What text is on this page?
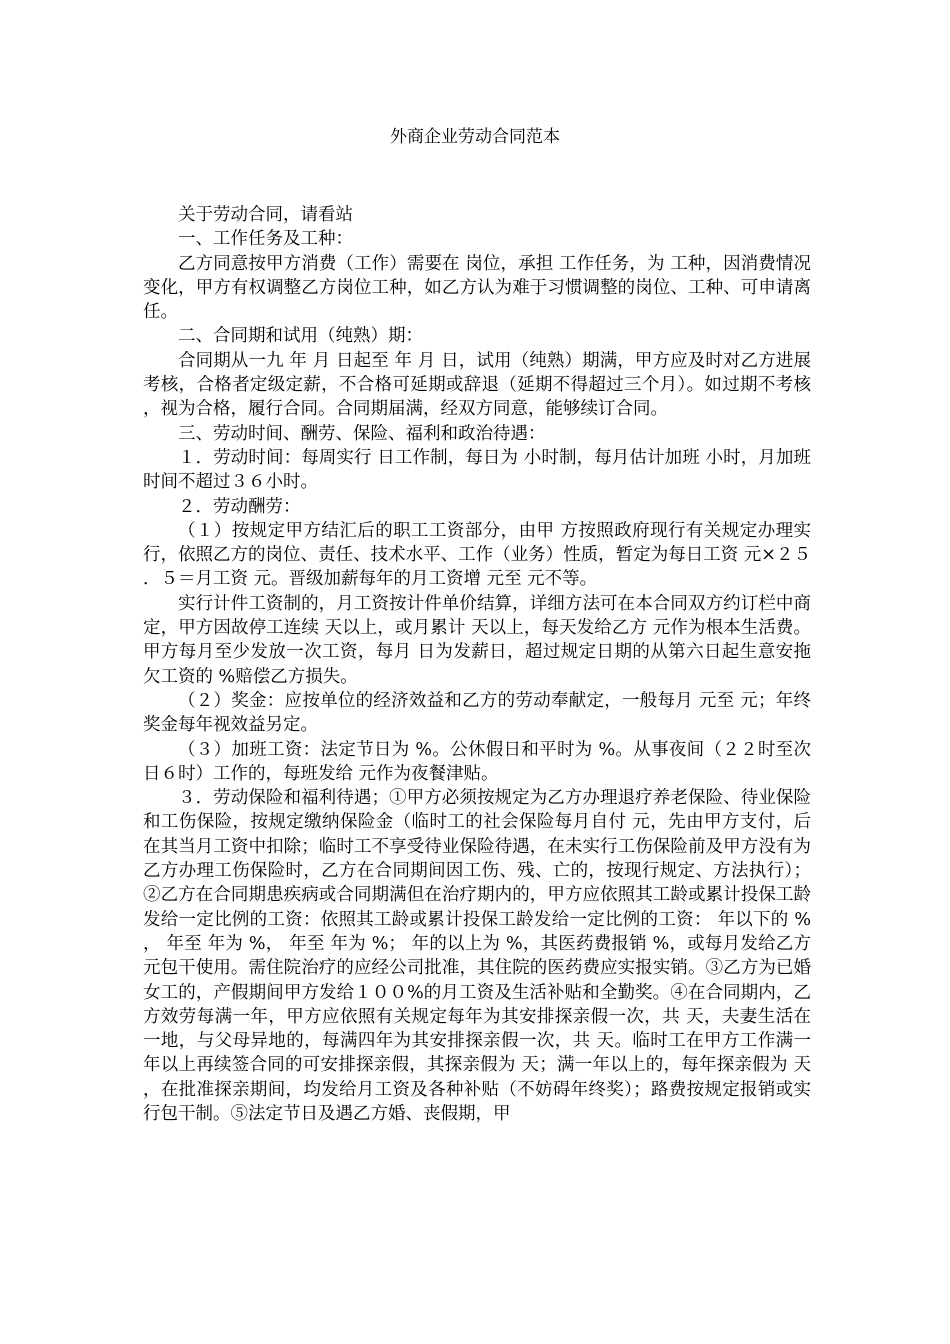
外商企业劳动合同范本

关于劳动合同，请看站

一、工作任务及工种：

乙方同意按甲方消费（工作）需要在 岗位，承担 工作任务，为 工种，因消费情况变化，甲方有权调整乙方岗位工种，如乙方认为难于习惯调整的岗位、工种、可申请离任。

二、合同期和试用（纯熟）期：

合同期从一九 年 月 日起至 年 月 日，试用（纯熟）期满，甲方应及时对乙方进展考核，合格者定级定薪，不合格可延期或辞退（延期不得超过三个月）。如过期不考核，视为合格，履行合同。合同期届满，经双方同意，能够续订合同。

三、劳动时间、酬劳、保险、福利和政治待遇：

１．劳动时间：每周实行 日工作制，每日为 小时制，每月估计加班 小时，月加班时间不超过３６小时。

２．劳动酬劳：

（１）按规定甲方结汇后的职工工资部分，由甲 方按照政府现行有关规定办理实行，依照乙方的岗位、责任、技术水平、工作（业务）性质，暂定为每日工资 元×２５．５＝月工资 元。晋级加薪每年的月工资增 元至 元不等。

实行计件工资制的，月工资按计件单价结算，详细方法可在本合同双方约订栏中商定，甲方因故停工连续 天以上，或月累计 天以上，每天发给乙方 元作为根本生活费。甲方每月至少发放一次工资，每月 日为发薪日，超过规定日期的从第六日起生意安拖欠工资的 %赔偿乙方损失。

（２）奖金：应按单位的经济效益和乙方的劳动奉献定，一般每月 元至 元；年终奖金每年视效益另定。

（３）加班工资：法定节日为 %。公休假日和平时为 %。从事夜间（２２时至次日６时）工作的，每班发给 元作为夜餐津贴。

３．劳动保险和福利待遇；①甲方必须按规定为乙方办理退疗养老保险、待业保险和工伤保险，按规定缴纳保险金（临时工的社会保险每月自付 元，先由甲方支付，后在其当月工资中扣除；临时工不享受待业保险待遇，在未实行工伤保险前及甲方没有为乙方办理工伤保险时，乙方在合同期间因工伤、残、亡的，按现行规定、方法执行）；②乙方在合同期患疾病或合同期满但在治疗期内的，甲方应依照其工龄或累计投保工龄发给一定比例的工资：依照其工龄或累计投保工龄发给一定比例的工资： 年以下的 %， 年至 年为 %， 年至 年为 %； 年的以上为 %，其医药费报销 %，或每月发给乙方 元包干使用。需住院治疗的应经公司批准，其住院的医药费应实报实销。③乙方为已婚女工的，产假期间甲方发给１００%的月工资及生活补贴和全勤奖。④在合同期内，乙方效劳每满一年，甲方应依照有关规定每年为其安排探亲假一次，共 天，夫妻生活在一地，与父母异地的，每满四年为其安排探亲假一次，共 天。临时工在甲方工作满一年以上再续签合同的可安排探亲假，其探亲假为 天；满一年以上的，每年探亲假为 天，在批准探亲期间，均发给月工资及各种补贴（不妨碍年终奖）；路费按规定报销或实行包干制。⑤法定节日及遇乙方婚、丧假期，甲
